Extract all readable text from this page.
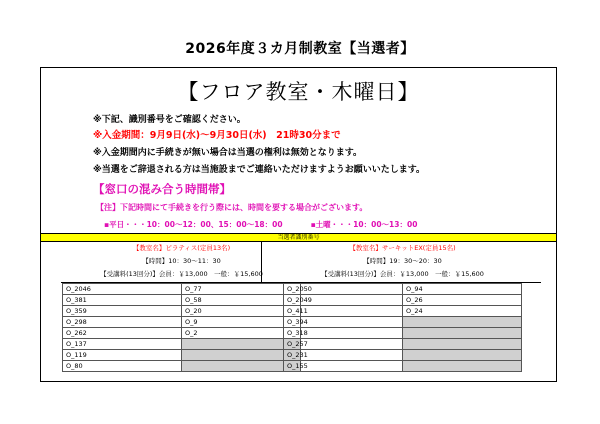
2026年度３カ月制教室【当選者】
【フロア教室・木曜日】
※下記、識別番号をご確認ください。
※入金期間：9月9日(水)〜9月30日(水)　21時30分まで
※入金期間内に手続きが無い場合は当選の権利は無効となります。
※当選をご辞退される方は当施設までご連絡いただけますようお願いいたします。
【窓口の混み合う時間帯】
【注】下記時間にて手続きを行う際には、時間を要する場合がございます。
▪平日・・・10：00〜12：00、15：00〜18：00	▪土曜・・・10：00〜13：00
当選者識別番号
【教室名】ピラティス(定員13名)
【時間】10：30〜11：30
【受講料(13回分)】会員：￥13,000　一般：￥15,600
O_2046	O_77
O_381	O_58
O_359	O_20
O_298	O_9
O_262	O_2
O_137	
O_119	
O_80	
【教室名】サーキットEX(定員15名)
【時間】19：30〜20：30
【受講料(13回分)】会員：￥13,000　一般：￥15,600
O_2050	O_94
O_2049	O_26
O_411	O_24
O_394	
O_318	
O_257	
O_231	
O_155	
